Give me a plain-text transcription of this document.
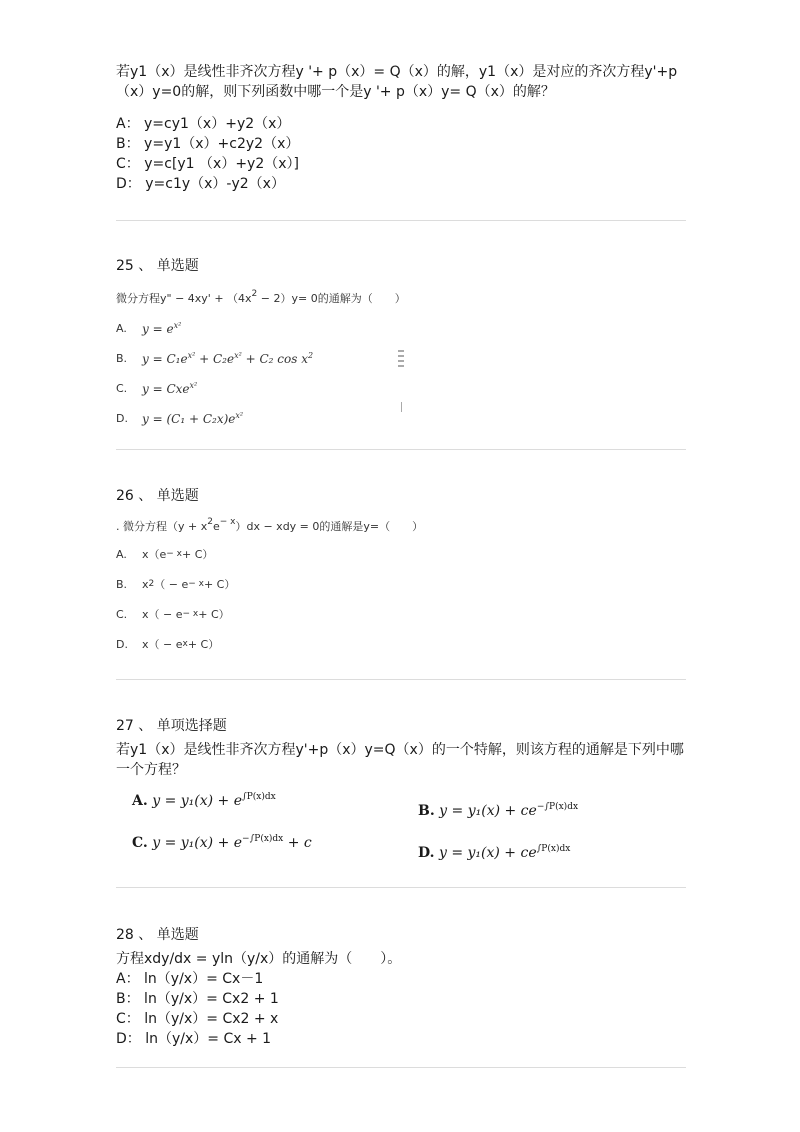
若y1（x）是线性非齐次方程y '+ p（x）= Q（x）的解，y1（x）是对应的齐次方程y'+p（x）y=0的解，则下列函数中哪一个是y '+ p（x）y= Q（x）的解？

A： y=cy1（x）+y2（x）
B： y=y1（x）+c2y2（x）
C： y=c[y1 （x）+y2（x）]
D： y=c1y（x）-y2（x）
25 、 单选题
微分方程y" − $4xy' + (4x^2 - 2)y= 0$的通解为（　　）
A.	$y = e^{x^2}$
B.	$y = C_1e^{x^2} + C_2e^{x^2} + C_2$ $\cos x^2$
C.	y = Cxe$^{x^2}$
D.	$y = (C_1 + C_2x)e^{x^2}$
26 、 单选题
. 微分方程$(y + x^2e^{- x})dx$ − xdy = 0的通解是y=（　　）
A.	x（e − x + C）
B.	x 2 （ − e − x + C）
C.	x（ − e − x + C）
D.	x（ − e x + C）
27 、 单项选择题

若y1（x）是线性非齐次方程y'+p（x）y=Q（x）的一个特解，则该方程的通解是下列中哪一个方程？

A. $y = y_1(x) + e^{\int P(x)dx}$
B. $y = y_1(x) + ce^{-\int P(x)dx}$
C. $y = y_1(x) + e^{-\int P(x)dx} + c$
D. $y = y_1(x) + ce^{\int P(x)dx}$
28 、 单选题

方程xdy/dx = yln（y/x）的通解为（　　）。

A： ln（y/x）= Cx－1
B： ln（y/x）= Cx2 + 1
C： ln（y/x）= Cx2 + x
D： ln（y/x）= Cx + 1
